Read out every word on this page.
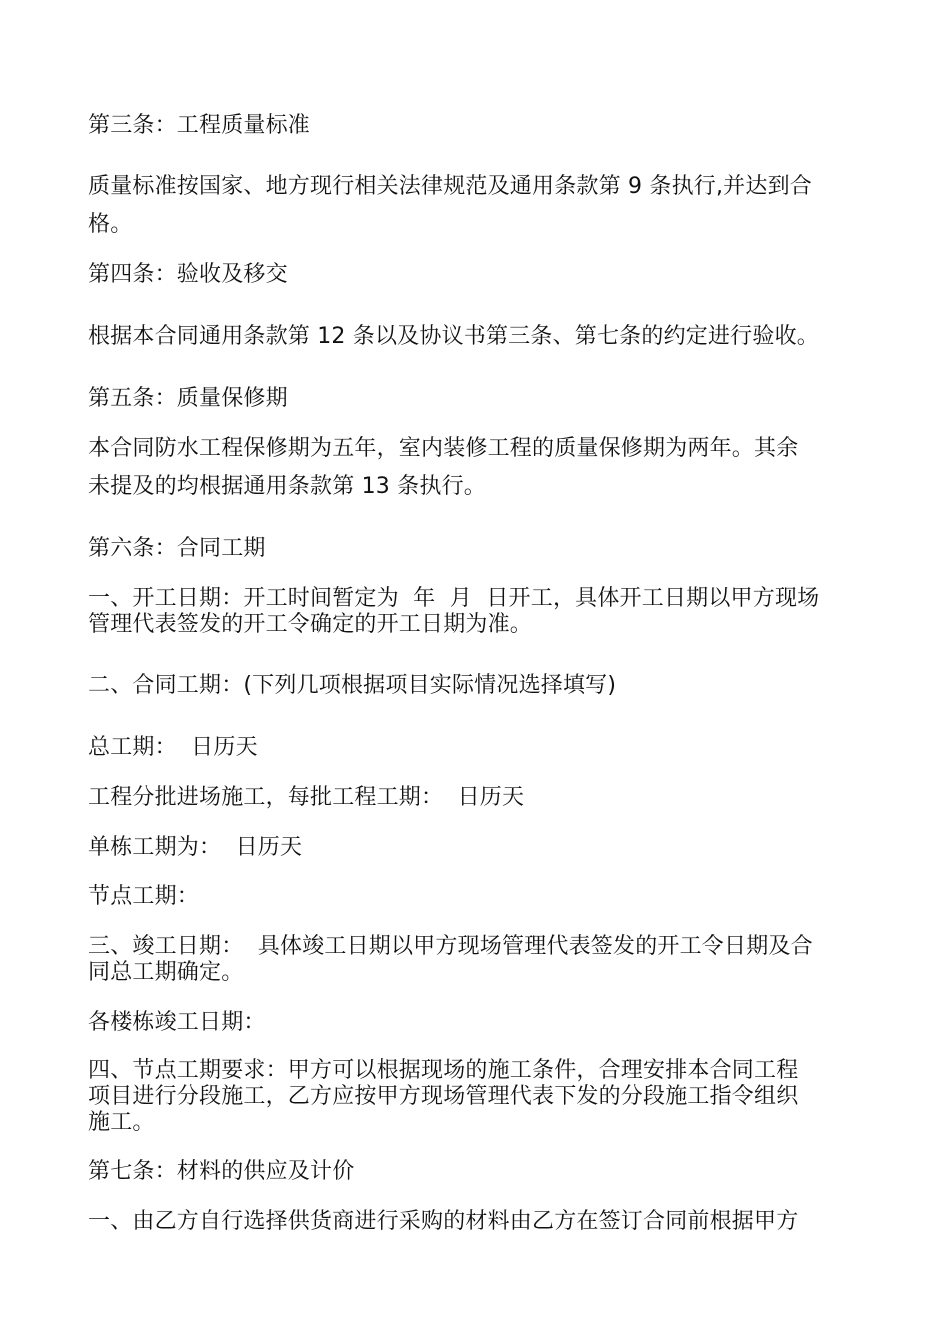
第三条：工程质量标准
质量标准按国家、地方现行相关法律规范及通用条款第 9 条执行,并达到合
格。
第四条：验收及移交
根据本合同通用条款第 12 条以及协议书第三条、第七条的约定进行验收。
第五条：质量保修期
本合同防水工程保修期为五年，室内装修工程的质量保修期为两年。其余
未提及的均根据通用条款第 13 条执行。
第六条：合同工期
一、开工日期：开工时间暂定为  年  月  日开工，具体开工日期以甲方现场
管理代表签发的开工令确定的开工日期为准。
二、合同工期：(下列几项根据项目实际情况选择填写)
总工期：  日历天
工程分批进场施工，每批工程工期：  日历天
单栋工期为：  日历天
节点工期：
三、竣工日期：  具体竣工日期以甲方现场管理代表签发的开工令日期及合
同总工期确定。
各楼栋竣工日期：
四、节点工期要求：甲方可以根据现场的施工条件，合理安排本合同工程
项目进行分段施工，乙方应按甲方现场管理代表下发的分段施工指令组织
施工。
第七条：材料的供应及计价
一、由乙方自行选择供货商进行采购的材料由乙方在签订合同前根据甲方
